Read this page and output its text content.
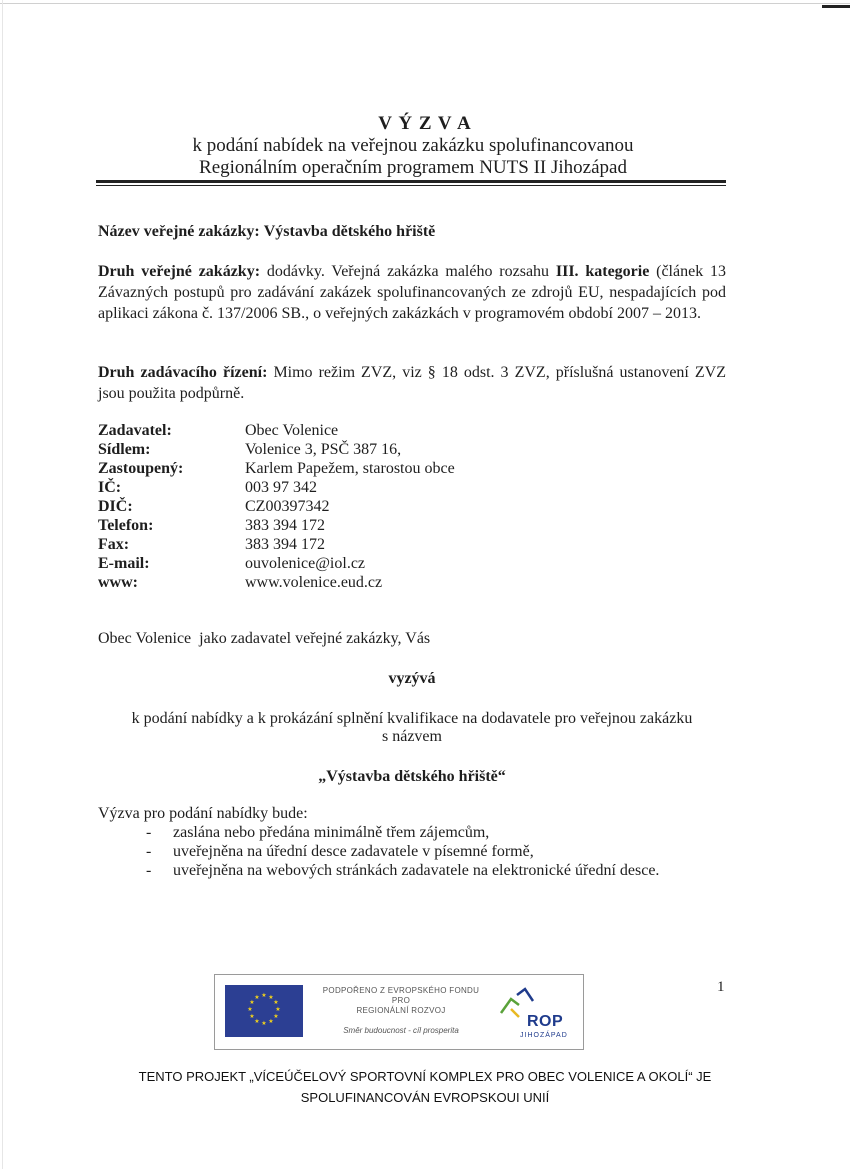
V Ý Z V A
k podání nabídek na veřejnou zakázku spolufinancovanou
Regionálním operačním programem NUTS II Jihozápad
Název veřejné zakázky: Výstavba dětského hřiště
Druh veřejné zakázky: dodávky. Veřejná zakázka malého rozsahu III. kategorie (článek 13 Závazných postupů pro zadávání zakázek spolufinancovaných ze zdrojů EU, nespadajících pod aplikaci zákona č. 137/2006 SB., o veřejných zakázkách v programovém období 2007 – 2013.
Druh zadávacího řízení: Mimo režim ZVZ, viz § 18 odst. 3 ZVZ, příslušná ustanovení ZVZ jsou použita podpůrně.
Zadavatel:	Obec Volenice
Sídlem:	Volenice 3, PSČ 387 16,
Zastoupený:	Karlem Papežem, starostou obce
IČ:	003 97 342
DIČ:	CZ00397342
Telefon:	383 394 172
Fax:	383 394 172
E-mail:	ouvolenice@iol.cz
www:	www.volenice.eud.cz
Obec Volenice  jako zadavatel veřejné zakázky, Vás
vyzývá
k podání nabídky a k prokázání splnění kvalifikace na dodavatele pro veřejnou zakázku
s názvem
„Výstavba dětského hřiště“
Výzva pro podání nabídky bude:
- zaslána nebo předána minimálně třem zájemcům,
- uveřejněna na úřední desce zadavatele v písemné formě,
- uveřejněna na webových stránkách zadavatele na elektronické úřední desce.
1
★ ★
★
★
★
★
★
★
★
★
★
★
PODPOŘENO Z EVROPSKÉHO FONDU
PRO
REGIONÁLNÍ ROZVOJ
Směr budoucnost - cíl prosperita
ROP
JIHOZÁPAD
TENTO PROJEKT „VÍCEÚČELOVÝ SPORTOVNÍ KOMPLEX PRO OBEC VOLENICE A OKOLÍ“ JE
SPOLUFINANCOVÁN EVROPSKOUI UNIÍ
